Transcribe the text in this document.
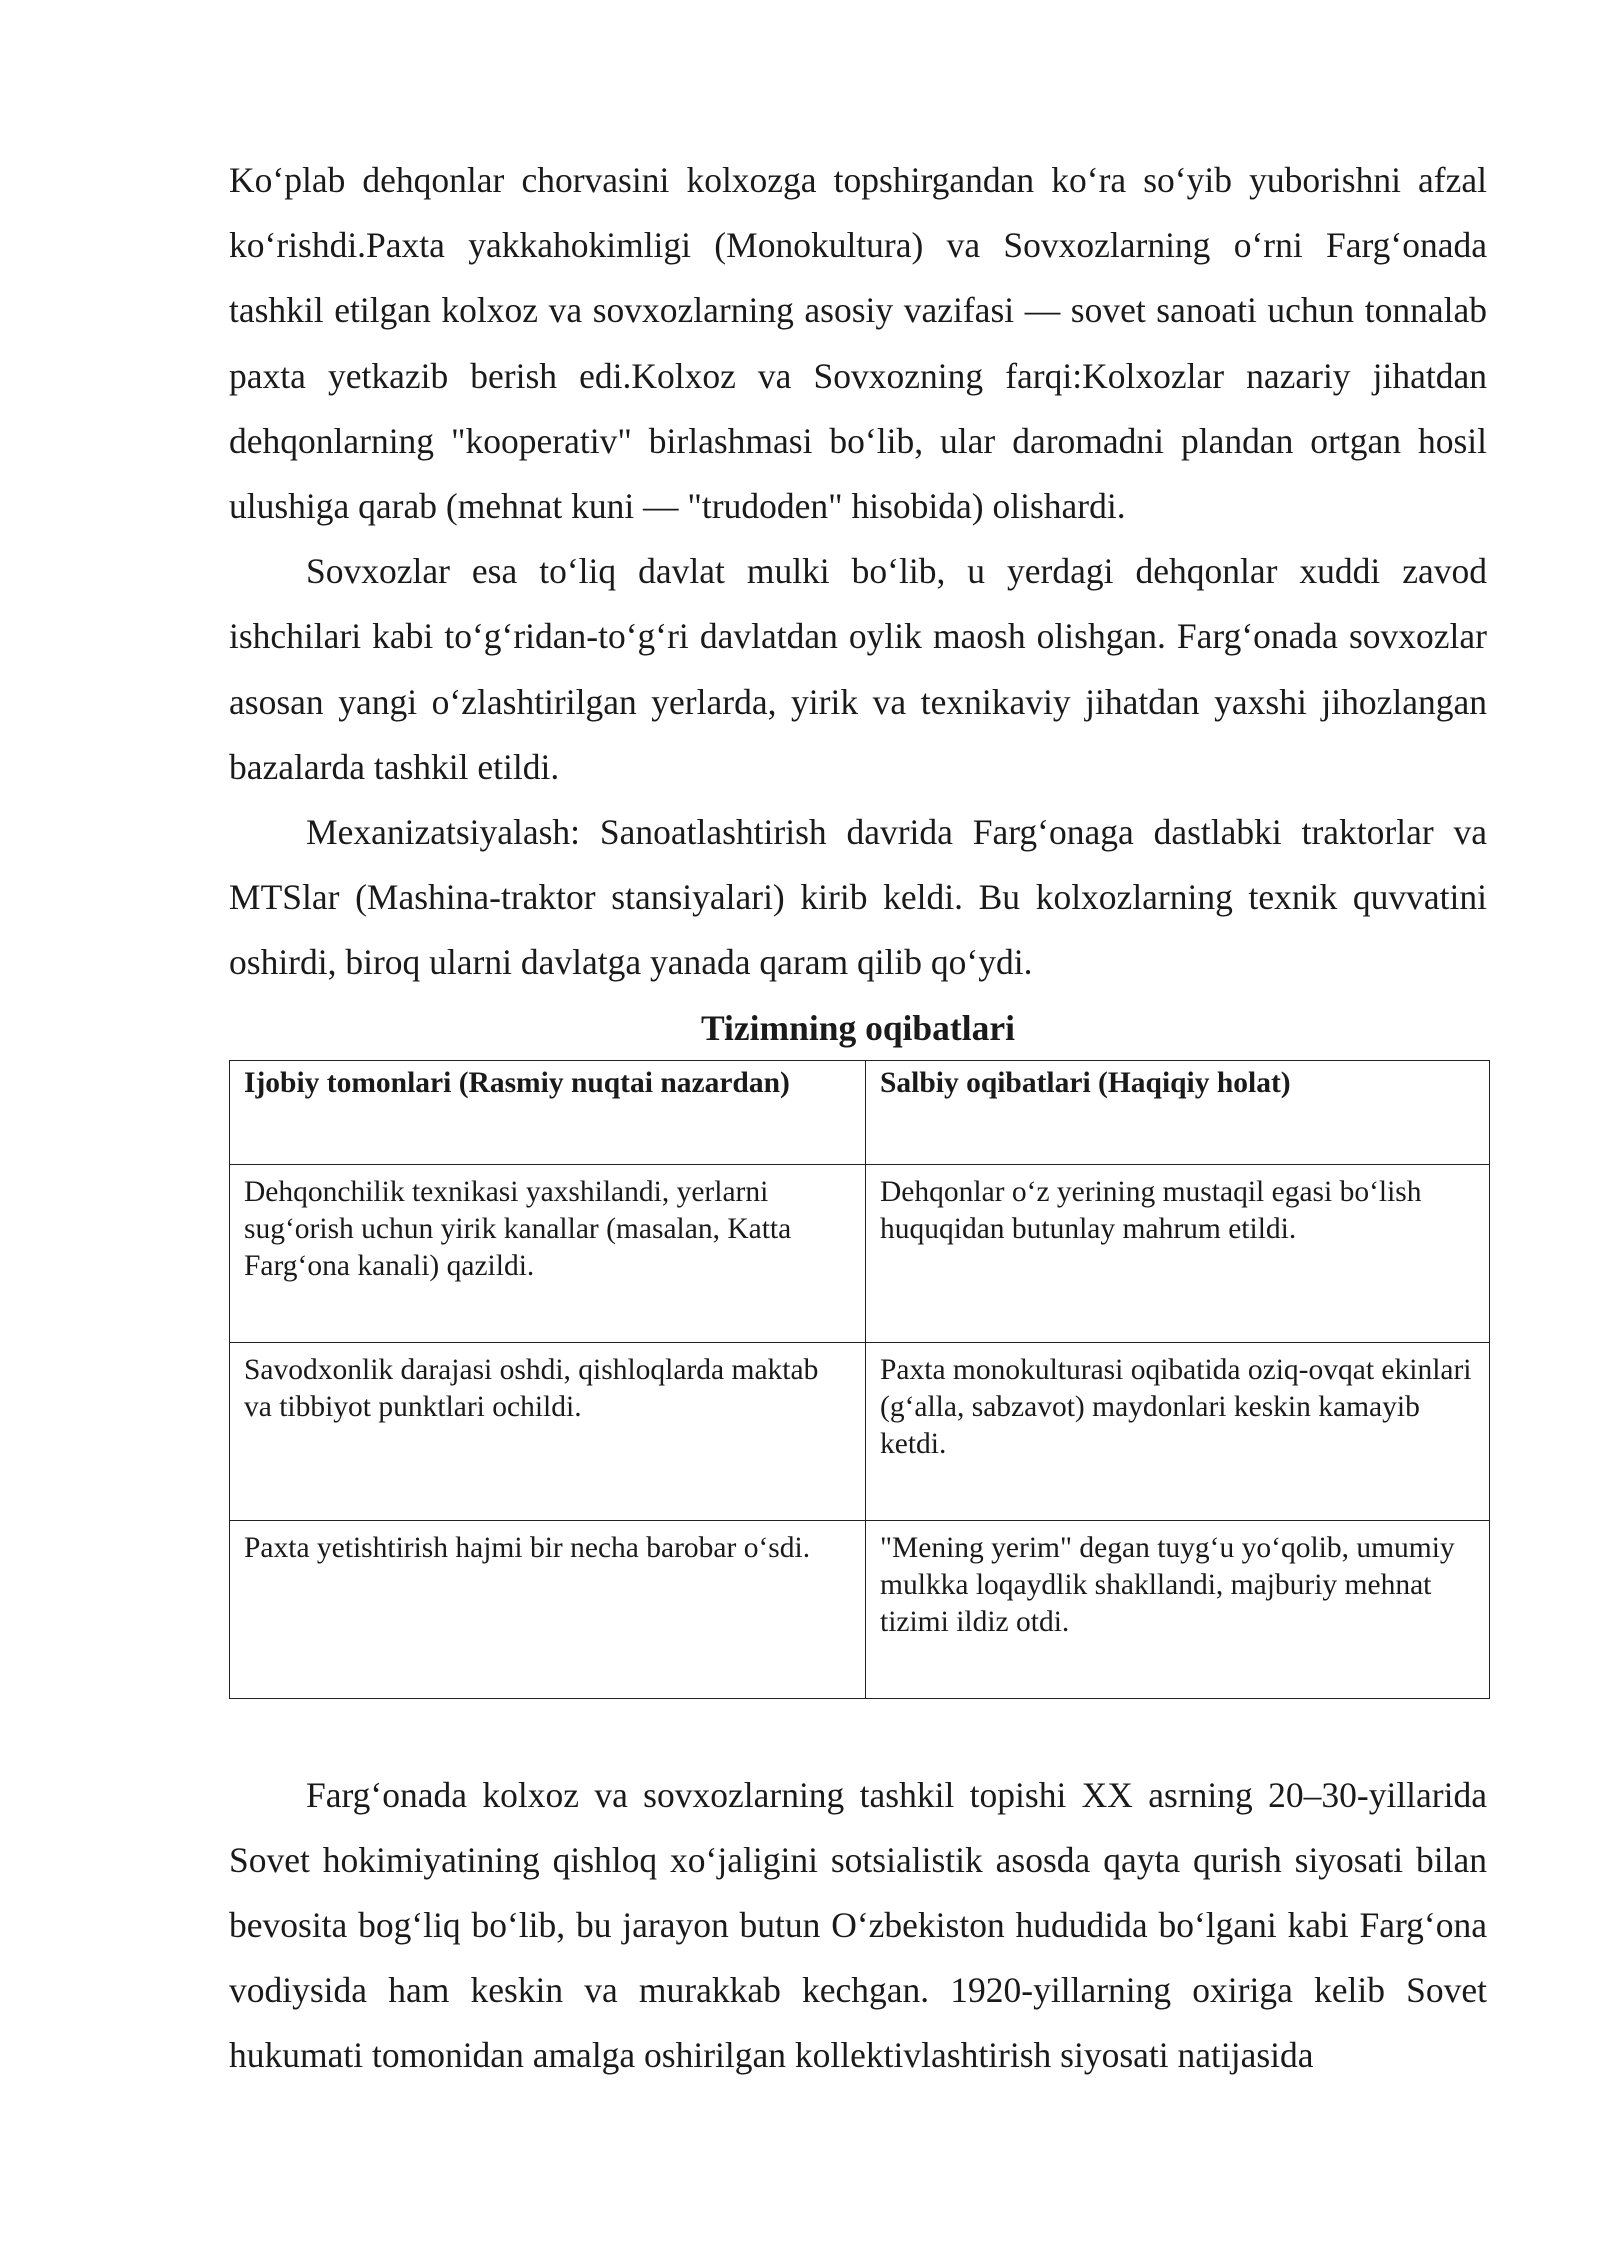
Ko‘plab dehqonlar chorvasini kolxozga topshirgandan ko‘ra so‘yib yuborishni afzal ko‘rishdi.Paxta yakkahokimligi (Monokultura) va Sovxozlarning o‘rni Farg‘onada tashkil etilgan kolxoz va sovxozlarning asosiy vazifasi — sovet sanoati uchun tonnalab paxta yetkazib berish edi.Kolxoz va Sovxozning farqi:Kolxozlar nazariy jihatdan dehqonlarning "kooperativ" birlashmasi bo‘lib, ular daromadni plandan ortgan hosil ulushiga qarab (mehnat kuni — "trudoden" hisobida) olishardi.

Sovxozlar esa to‘liq davlat mulki bo‘lib, u yerdagi dehqonlar xuddi zavod ishchilari kabi to‘g‘ridan-to‘g‘ri davlatdan oylik maosh olishgan. Farg‘onada sovxozlar asosan yangi o‘zlashtirilgan yerlarda, yirik va texnikaviy jihatdan yaxshi jihozlangan bazalarda tashkil etildi.

Mexanizatsiyalash: Sanoatlashtirish davrida Farg‘onaga dastlabki traktorlar va MTSlar (Mashina-traktor stansiyalari) kirib keldi. Bu kolxozlarning texnik quvvatini oshirdi, biroq ularni davlatga yanada qaram qilib qo‘ydi.

Tizimning oqibatlari
Ijobiy tomonlari (Rasmiy nuqtai nazardan)	Salbiy oqibatlari (Haqiqiy holat)
Dehqonchilik texnikasi yaxshilandi, yerlarni sug‘orish uchun yirik kanallar (masalan, Katta Farg‘ona kanali) qazildi.	Dehqonlar o‘z yerining mustaqil egasi bo‘lish huquqidan butunlay mahrum etildi.
Savodxonlik darajasi oshdi, qishloqlarda maktab va tibbiyot punktlari ochildi.	Paxta monokulturasi oqibatida oziq-ovqat ekinlari (g‘alla, sabzavot) maydonlari keskin kamayib ketdi.
Paxta yetishtirish hajmi bir necha barobar o‘sdi.	"Mening yerim" degan tuyg‘u yo‘qolib, umumiy mulkka loqaydlik shakllandi, majburiy mehnat tizimi ildiz otdi.

Farg‘onada kolxoz va sovxozlarning tashkil topishi XX asrning 20–30-yillarida Sovet hokimiyatining qishloq xo‘jaligini sotsialistik asosda qayta qurish siyosati bilan bevosita bog‘liq bo‘lib, bu jarayon butun O‘zbekiston hududida bo‘lgani kabi Farg‘ona vodiysida ham keskin va murakkab kechgan. 1920-yillarning oxiriga kelib Sovet hukumati tomonidan amalga oshirilgan kollektivlashtirish siyosati natijasida
